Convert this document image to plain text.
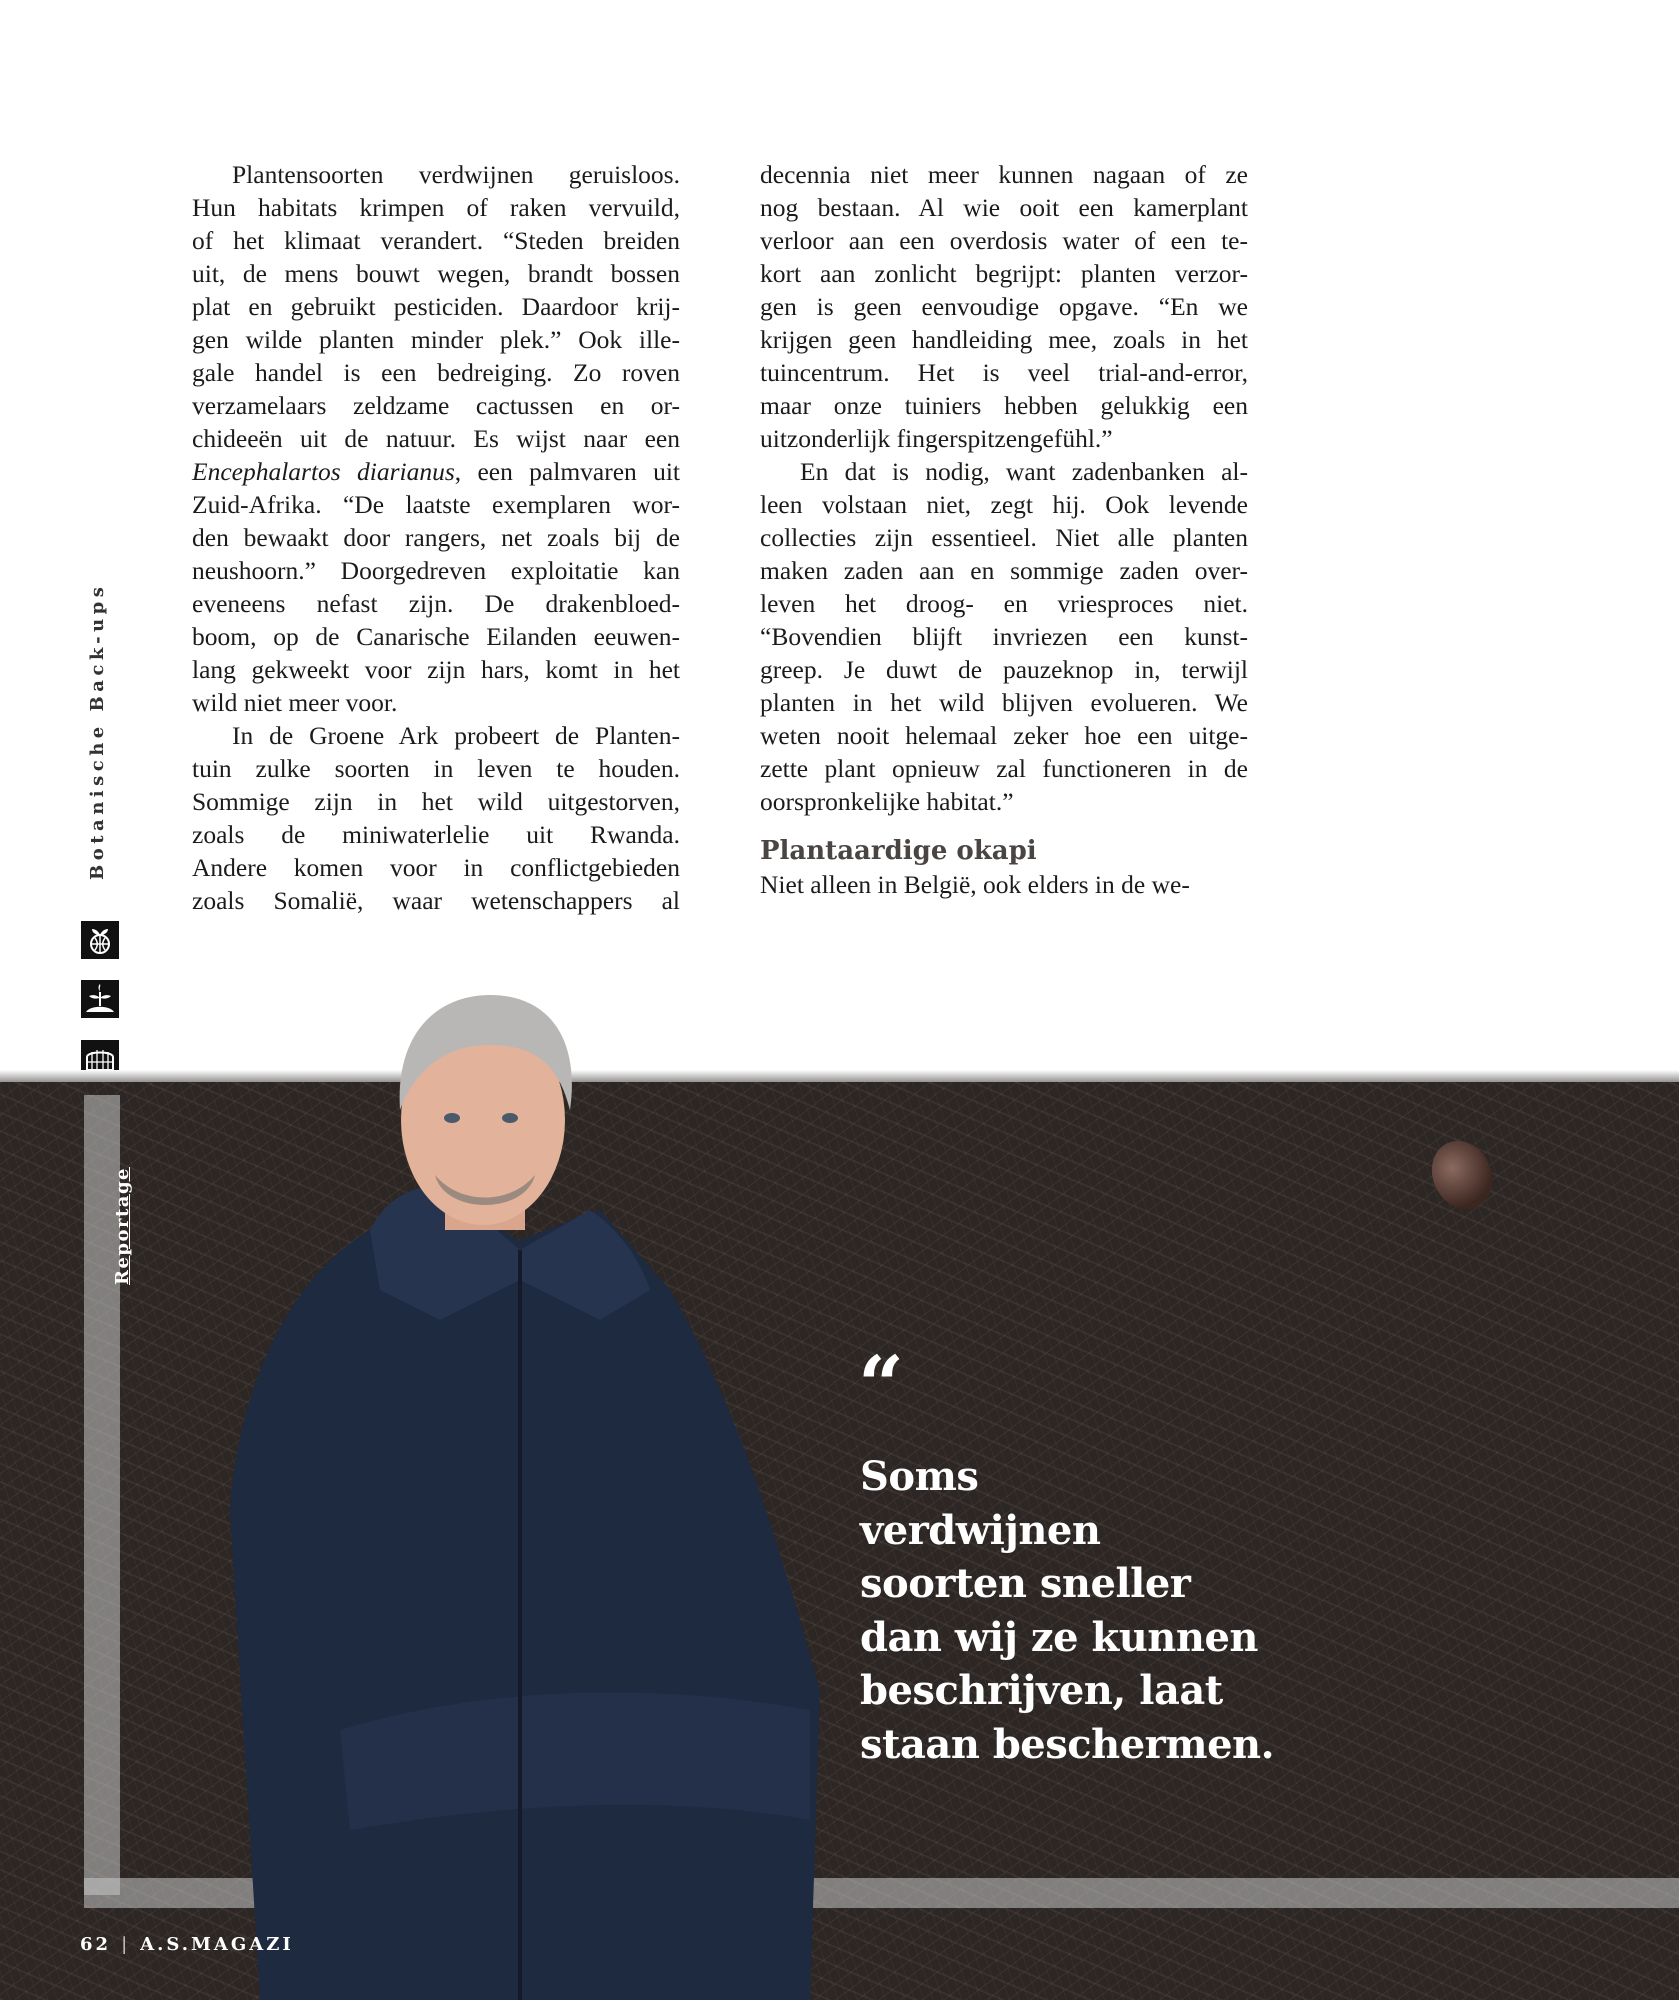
Plantensoorten verdwijnen geruisloos.
Hun habitats krimpen of raken vervuild,
of het klimaat verandert. “Steden breiden
uit, de mens bouwt wegen, brandt bossen
plat en gebruikt pesticiden. Daardoor krij-
gen wilde planten minder plek.” Ook ille-
gale handel is een bedreiging. Zo roven
verzamelaars zeldzame cactussen en or-
chideeën uit de natuur. Es wijst naar een
Encephalartos diarianus, een palmvaren uit
Zuid-Afrika. “De laatste exemplaren wor-
den bewaakt door rangers, net zoals bij de
neushoorn.” Doorgedreven exploitatie kan
eveneens nefast zijn. De drakenbloed-
boom, op de Canarische Eilanden eeuwen-
lang gekweekt voor zijn hars, komt in het
wild niet meer voor.
In de Groene Ark probeert de Planten-
tuin zulke soorten in leven te houden.
Sommige zijn in het wild uitgestorven,
zoals de miniwaterlelie uit Rwanda.
Andere komen voor in conflictgebieden
zoals Somalië, waar wetenschappers al
decennia niet meer kunnen nagaan of ze
nog bestaan. Al wie ooit een kamerplant
verloor aan een overdosis water of een te-
kort aan zonlicht begrijpt: planten verzor-
gen is geen eenvoudige opgave. “En we
krijgen geen handleiding mee, zoals in het
tuincentrum. Het is veel trial-and-error,
maar onze tuiniers hebben gelukkig een
uitzonderlijk fingerspitzengefühl.”
En dat is nodig, want zadenbanken al-
leen volstaan niet, zegt hij. Ook levende
collecties zijn essentieel. Niet alle planten
maken zaden aan en sommige zaden over-
leven het droog- en vriesproces niet.
“Bovendien blijft invriezen een kunst-
greep. Je duwt de pauzeknop in, terwijl
planten in het wild blijven evolueren. We
weten nooit helemaal zeker hoe een uitge-
zette plant opnieuw zal functioneren in de
oorspronkelijke habitat.”
Plantaardige okapi
Niet alleen in België, ook elders in de we-
Botanische Back-ups
Reportage
“
Soms
verdwijnen
soorten sneller
dan wij ze kunnen
beschrijven, laat
staan beschermen.
62 | A.S.MAGAZI
